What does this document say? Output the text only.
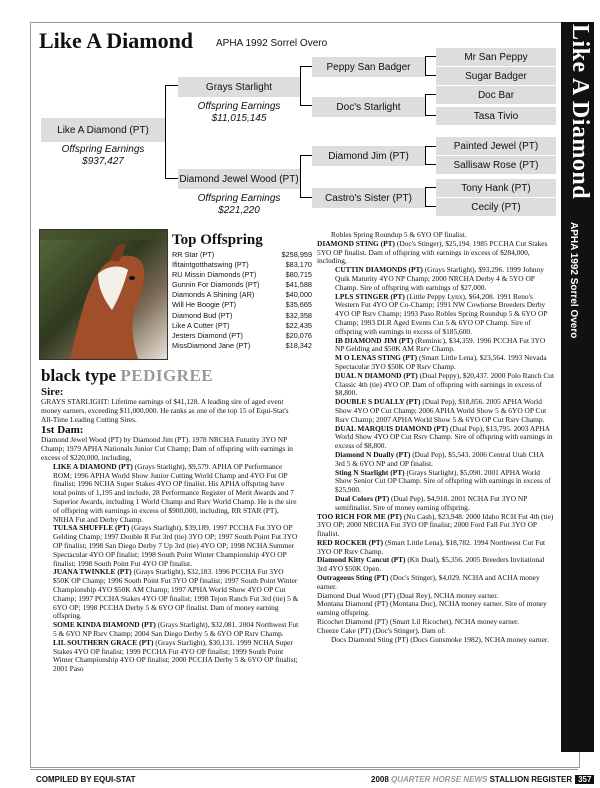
Like A Diamond
APHA 1992 Sorrel Overo
Like A Diamond APHA 1992 Sorrel Overo
Like A Diamond (PT)
Offspring Earnings
$937,427
Grays Starlight
Offspring Earnings
$11,015,145
Diamond Jewel Wood (PT)
Offspring Earnings
$221,220
Peppy San Badger
Doc's Starlight
Diamond Jim (PT)
Castro's Sister (PT)
Mr San Peppy
Sugar Badger
Doc Bar
Tasa Tivio
Painted Jewel (PT)
Sallisaw Rose (PT)
Tony Hank (PT)
Cecily (PT)
Top Offspring
RR Star (PT)	$258,959
Ifitaintgotthatswing (PT)	$83,170
RU Missin Diamonds (PT)	$80,715
Gunnin For Diamonds (PT)	$41,588
Diamonds A Shining (AR)	$40,000
Will He Boogie (PT)	$35,665
Diamond Bud (PT)	$32,358
Like A Cutter (PT)	$22,435
Jesters Diamond (PT)	$20,076
MissDiamond Jane (PT)	$18,342
black type PEDIGREE

Sire:

GRAYS STARLIGHT: Lifetime earnings of $41,128. A leading sire of aged event money earners, exceeding $11,000,000. He ranks as one of the top 15 of Equi-Stat's All-Time Leading Cutting Sires.

1st Dam:

Diamond Jewel Wood (PT) by Diamond Jim (PT). 1978 NRCHA Futurity 3YO NP Champ; 1979 APHA Nationals Junior Cut Champ; Dam of offspring with earnings in excess of $220,000, including,

LIKE A DIAMOND (PT) (Grays Starlight), $9,579. APHA OP Performance ROM; 1996 APHA World Show Junior Cutting World Champ and 4YO Fut OP finalist; 1996 NCHA Super Stakes 4YO OP finalist. His APHA offspring have total points of 1,195 and include, 28 Performance Register of Merit Awards and 7 Superior Awards, including 1 World Champ and Rsrv World Champ. He is the sire of offspring with earnings in excess of $900,000, including, RR STAR (PT), NRHA Fut and Derby Champ.

TULSA SHUFFLE (PT) (Grays Starlight), $39,189. 1997 PCCHA Fut 3YO OP Gelding Champ; 1997 Double R Fut 3rd (tie) 3YO OP; 1997 South Point Fut 3YO OP finalist; 1998 San Diego Derby 7 Up 3rd (tie) 4YO OP; 1998 NCHA Summer Spectacular 4YO OP finalist; 1998 South Point Winter Championship 4YO OP finalist; 1998 South Point Fut 4YO OP finalist.

JUANA TWINKLE (PT) (Grays Starlight), $32,183. 1996 PCCHA Fut 3YO $50K OP Champ; 1996 South Point Fut 3YO OP finalist; 1997 South Point Winter Championship 4YO $50K AM Champ; 1997 APHA World Show 4YO OP Cut Champ; 1997 PCCHA Stakes 4YO OP finalist; 1998 Tejon Ranch Fut 3rd (tie) 5 & 6YO OP; 1998 PCCHA Derby 5 & 6YO OP finalist. Dam of money earning offspring.

SOME KINDA DIAMOND (PT) (Grays Starlight), $32,081. 2004 Northwest Fut 5 & 6YO NP Rsrv Champ; 2004 San Diego Derby 5 & 6YO OP Rsrv Champ.

LIL SOUTHERN GRACE (PT) (Grays Starlight), $30,131. 1999 NCHA Super Stakes 4YO OP finalist; 1999 PCCHA Fut 4YO OP finalist; 1999 South Point Winter Championship 4YO OP finalist; 2000 PCCHA Derby 5 & 6YO OP finalist; 2001 Paso

Robles Spring Roundup 5 & 6YO OP finalist.

DIAMOND STING (PT) (Doc's Stinger), $25,194. 1985 PCCHA Cut Stakes 5YO OP finalist. Dam of offspring with earnings in excess of $284,000, including,

CUTTIN DIAMONDS (PT) (Grays Starlight), $93,296. 1999 Johnny Quik Maturity 4YO NP Champ; 2000 NRCHA Derby 4 & 5YO OP Champ. Sire of offspring with earnings of $27,000.

LPLS STINGER (PT) (Little Peppy Lynx), $64,208. 1991 Reno's Western Fut 4YO OP Co-Champ; 1991 NW Cowhorse Breeders Derby 4YO OP Rsrv Champ; 1993 Paso Robles Spring Roundup 5 & 6YO OP Champ; 1993 DLR Aged Events Cut 5 & 6YO OP Champ. Sire of offspring with earnings in excess of $185,600.

IB DIAMOND JIM (PT) (Reminic), $34,359. 1996 PCCHA Fut 3YO NP Gelding and $50K AM Rsrv Champ.

M O LENAS STING (PT) (Smart Little Lena), $23,564. 1993 Nevada Spectacular 3YO $50K OP Rsrv Champ.

DUAL N DIAMOND (PT) (Dual Peppy), $20,437. 2000 Polo Ranch Cut Classic 4th (tie) 4YO OP. Dam of offspring with earnings in excess of $8,800.

DOUBLE S DUALLY (PT) (Dual Pep), $18,856. 2005 APHA World Show 4YO OP Cut Champ; 2006 APHA World Show 5 & 6YO OP Cut Rsrv Champ; 2007 APHA World Show 5 & 6YO OP Cut Rsrv Champ.

DUAL MARQUIS DIAMOND (PT) (Dual Pep), $13,795. 2003 APHA World Show 4YO OP Cut Rsrv Champ. Sire of offspring with earnings in excess of $8,800.

Diamond N Dually (PT) (Dual Pep), $5,543. 2006 Central Utah CHA 3rd 5 & 6YO NP and OP finalist.

Sting N Starlight (PT) (Grays Starlight), $5,090. 2001 APHA World Show Senior Cut OP Champ. Sire of offspring with earnings in excess of $25,900.

Dual Colors (PT) (Dual Pep), $4,918. 2001 NCHA Fut 3YO NP semifinalist. Sire of money earning offspring.

TOO RICH FOR ME (PT) (Nu Cash), $23,948. 2000 Idaho RCH Fut 4th (tie) 3YO OP; 2000 NRCHA Fut 3YO OP finalist; 2000 Ford Fall Fut 3YO OP finalist.

RED ROCKER (PT) (Smart Little Lena), $18,782. 1994 Northwest Cut Fut 3YO OP Rsrv Champ.

Diamond Kitty Cancut (PT) (Kit Dual), $5,356. 2005 Breeders Invitational 3rd 4YO $50K Open.

Outrageous Sting (PT) (Doc's Stinger), $4,029. NCHA and ACHA money earner.

Diamond Dual Wood (PT) (Dual Rey), NCHA money earner.

Montana Diamond (PT) (Montana Doc), NCHA money earner. Sire of money earning offspring.

Ricochet Diamond (PT) (Smart Lil Ricochet), NCHA money earner.

Cheeze Cake (PT) (Doc's Stinger), Dam of:

Docs Diamond Sting (PT) (Docs Gunsmoke 1982), NCHA money earner.

COMPILED BY EQUI-STAT	2008 QUARTER HORSE NEWS STALLION REGISTER 357
